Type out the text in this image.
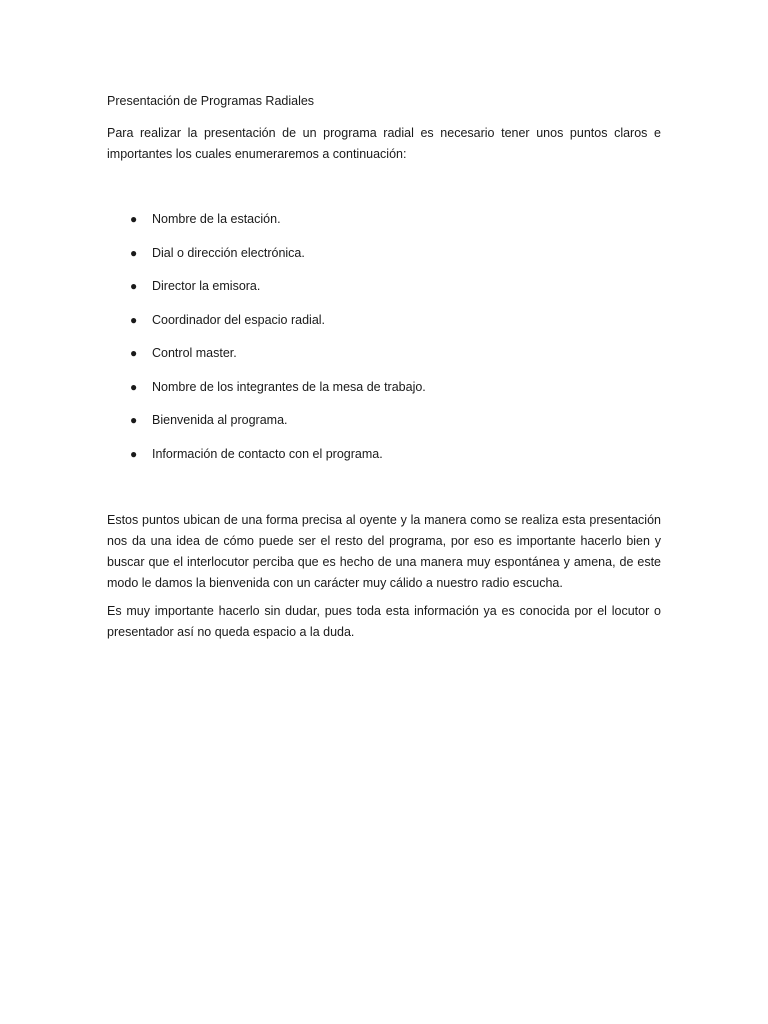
Presentación de Programas Radiales

Para realizar la presentación de un programa radial es necesario tener unos puntos claros e importantes los cuales enumeraremos a continuación:

● Nombre de la estación.
● Dial o dirección electrónica.
● Director la emisora.
● Coordinador del espacio radial.
● Control master.
● Nombre de los integrantes de la mesa de trabajo.
● Bienvenida al programa.
● Información de contacto con el programa.

Estos puntos ubican de una forma precisa al oyente y la manera como se realiza esta presentación nos da una idea de cómo puede ser el resto del programa, por eso es importante hacerlo bien y buscar que el interlocutor perciba que es hecho de una manera muy espontánea y amena, de este modo le damos la bienvenida con un carácter muy cálido a nuestro radio escucha.

Es muy importante hacerlo sin dudar, pues toda esta información ya es conocida por el locutor o presentador así no queda espacio a la duda.
